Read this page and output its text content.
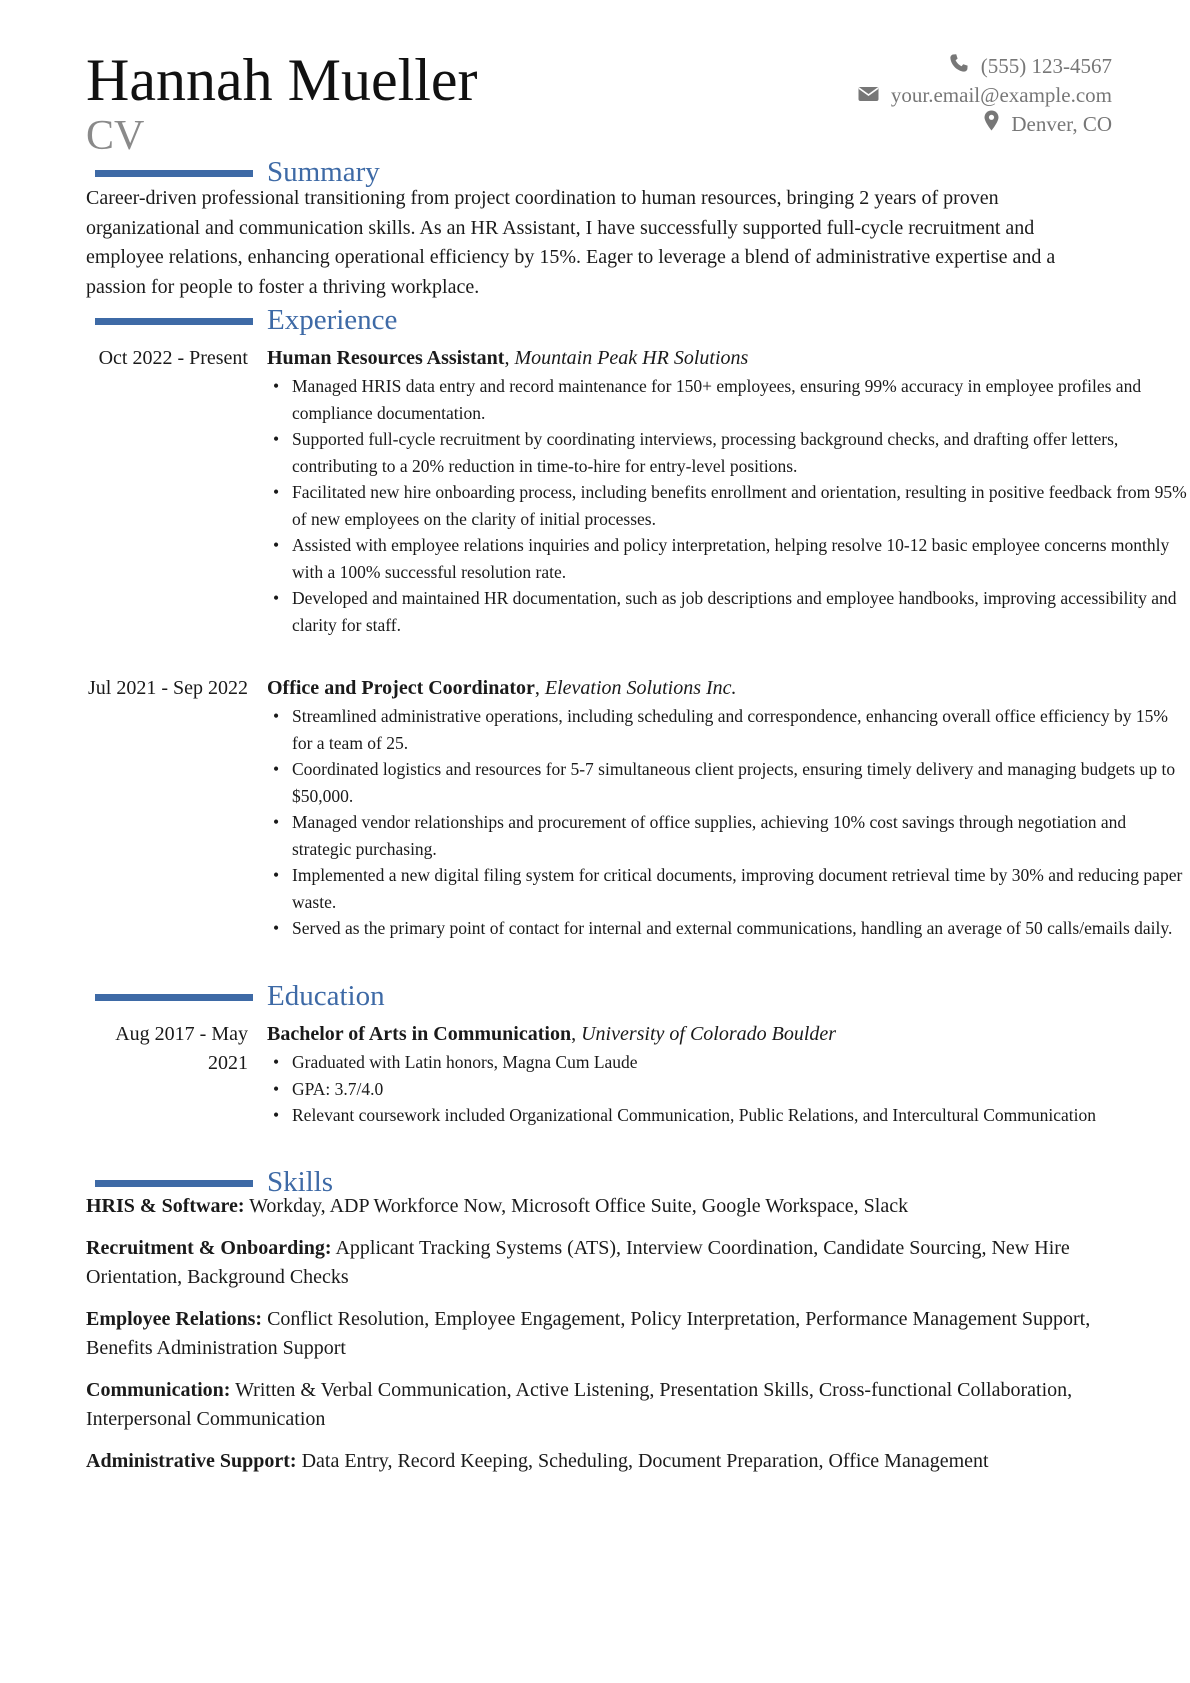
Hannah Mueller
CV
(555) 123-4567
your.email@example.com
Denver, CO
Summary
Career-driven professional transitioning from project coordination to human resources, bringing 2 years of proven organizational and communication skills. As an HR Assistant, I have successfully supported full-cycle recruitment and employee relations, enhancing operational efficiency by 15%. Eager to leverage a blend of administrative expertise and a passion for people to foster a thriving workplace.
Experience
Oct 2022 - Present Human Resources Assistant, Mountain Peak HR Solutions
• Managed HRIS data entry and record maintenance for 150+ employees, ensuring 99% accuracy in employee profiles and compliance documentation.
• Supported full-cycle recruitment by coordinating interviews, processing background checks, and drafting offer letters, contributing to a 20% reduction in time-to-hire for entry-level positions.
• Facilitated new hire onboarding process, including benefits enrollment and orientation, resulting in positive feedback from 95% of new employees on the clarity of initial processes.
• Assisted with employee relations inquiries and policy interpretation, helping resolve 10-12 basic employee concerns monthly with a 100% successful resolution rate.
• Developed and maintained HR documentation, such as job descriptions and employee handbooks, improving accessibility and clarity for staff.
Jul 2021 - Sep 2022 Office and Project Coordinator, Elevation Solutions Inc.
• Streamlined administrative operations, including scheduling and correspondence, enhancing overall office efficiency by 15% for a team of 25.
• Coordinated logistics and resources for 5-7 simultaneous client projects, ensuring timely delivery and managing budgets up to $50,000.
• Managed vendor relationships and procurement of office supplies, achieving 10% cost savings through negotiation and strategic purchasing.
• Implemented a new digital filing system for critical documents, improving document retrieval time by 30% and reducing paper waste.
• Served as the primary point of contact for internal and external communications, handling an average of 50 calls/emails daily.
Education
Aug 2017 - May 2021
Bachelor of Arts in Communication, University of Colorado Boulder
• Graduated with Latin honors, Magna Cum Laude
• GPA: 3.7/4.0
• Relevant coursework included Organizational Communication, Public Relations, and Intercultural Communication
Skills
HRIS & Software: Workday, ADP Workforce Now, Microsoft Office Suite, Google Workspace, Slack
Recruitment & Onboarding: Applicant Tracking Systems (ATS), Interview Coordination, Candidate Sourcing, New Hire Orientation, Background Checks
Employee Relations: Conflict Resolution, Employee Engagement, Policy Interpretation, Performance Management Support, Benefits Administration Support
Communication: Written & Verbal Communication, Active Listening, Presentation Skills, Cross-functional Collaboration, Interpersonal Communication
Administrative Support: Data Entry, Record Keeping, Scheduling, Document Preparation, Office Management
